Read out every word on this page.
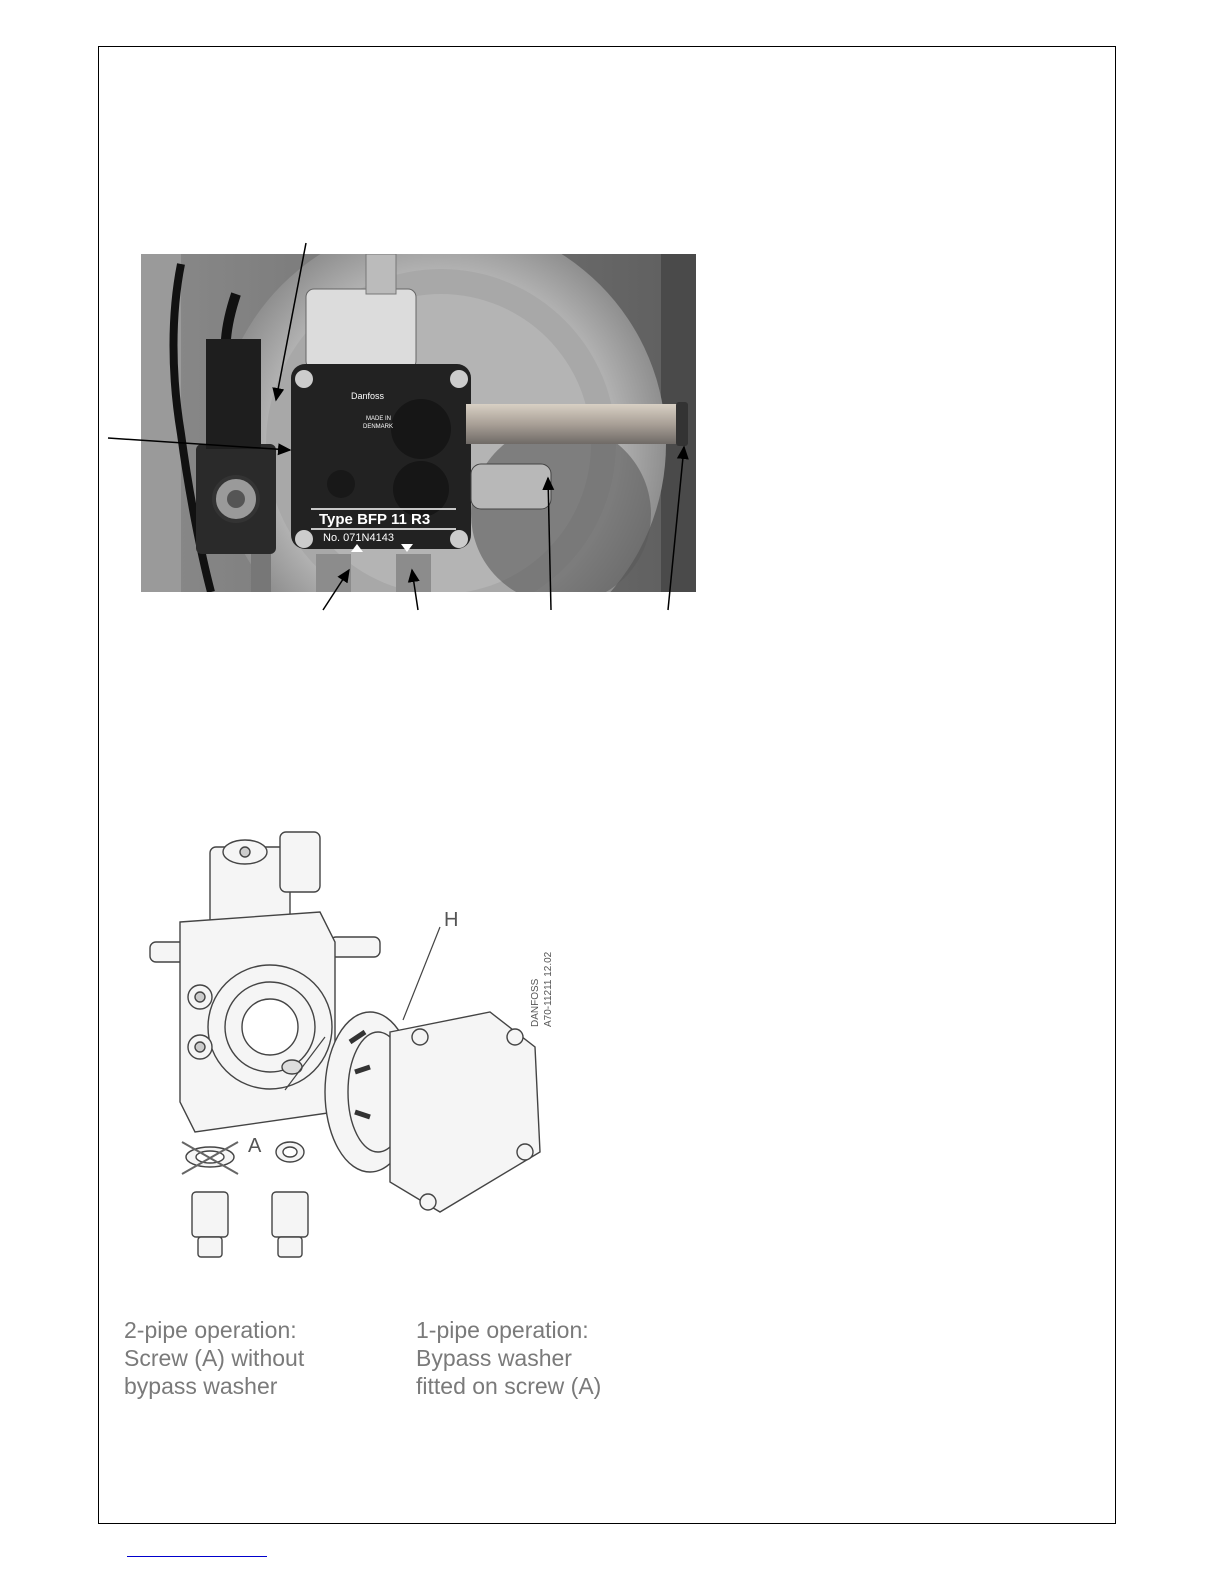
Danfoss
MADE IN
DENMARK
Type BFP 11 R3
No. 071N4143
H
A
DANFOSS A70-11211 12.02
2-pipe operation:
Screw (A) without
bypass washer
1-pipe operation:
Bypass washer
fitted on screw (A)
